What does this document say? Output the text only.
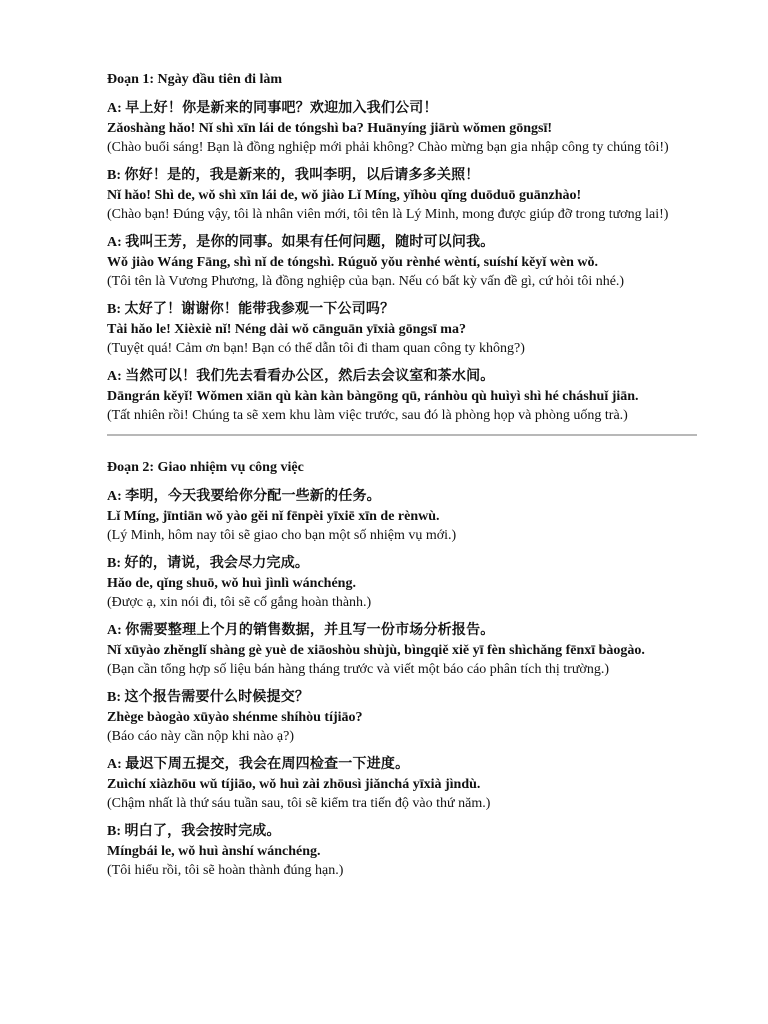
Đoạn 1: Ngày đầu tiên đi làm
A: 早上好！你是新来的同事吧？欢迎加入我们公司！
Zǎoshàng hǎo! Nǐ shì xīn lái de tóngshì ba? Huānyíng jiārù wǒmen gōngsī!
(Chào buổi sáng! Bạn là đồng nghiệp mới phải không? Chào mừng bạn gia nhập công ty chúng tôi!)
B: 你好！是的，我是新来的，我叫李明，以后请多多关照！
Nǐ hǎo! Shì de, wǒ shì xīn lái de, wǒ jiào Lǐ Míng, yǐhòu qǐng duōduō guānzhào!
(Chào bạn! Đúng vậy, tôi là nhân viên mới, tôi tên là Lý Minh, mong được giúp đỡ trong tương lai!)
A: 我叫王芳，是你的同事。如果有任何问题，随时可以问我。
Wǒ jiào Wáng Fāng, shì nǐ de tóngshì. Rúguǒ yǒu rènhé wèntí, suíshí kěyǐ wèn wǒ.
(Tôi tên là Vương Phương, là đồng nghiệp của bạn. Nếu có bất kỳ vấn đề gì, cứ hỏi tôi nhé.)
B: 太好了！谢谢你！能带我参观一下公司吗？
Tài hǎo le! Xièxiè nǐ! Néng dài wǒ cānguān yīxià gōngsī ma?
(Tuyệt quá! Cảm ơn bạn! Bạn có thể dẫn tôi đi tham quan công ty không?)
A: 当然可以！我们先去看看办公区，然后去会议室和茶水间。
Dāngrán kěyǐ! Wǒmen xiān qù kàn kàn bàngōng qū, ránhòu qù huìyì shì hé cháshuǐ jiān.
(Tất nhiên rồi! Chúng ta sẽ xem khu làm việc trước, sau đó là phòng họp và phòng uống trà.)
Đoạn 2: Giao nhiệm vụ công việc
A: 李明，今天我要给你分配一些新的任务。
Lǐ Míng, jīntiān wǒ yào gěi nǐ fēnpèi yīxiē xīn de rènwù.
(Lý Minh, hôm nay tôi sẽ giao cho bạn một số nhiệm vụ mới.)
B: 好的，请说，我会尽力完成。
Hǎo de, qǐng shuō, wǒ huì jìnlì wánchéng.
(Được ạ, xin nói đi, tôi sẽ cố gắng hoàn thành.)
A: 你需要整理上个月的销售数据，并且写一份市场分析报告。
Nǐ xūyào zhěnglǐ shàng gè yuè de xiāoshòu shùjù, bìngqiě xiě yī fèn shìchǎng fēnxī bàogào.
(Bạn cần tổng hợp số liệu bán hàng tháng trước và viết một báo cáo phân tích thị trường.)
B: 这个报告需要什么时候提交？
Zhège bàogào xūyào shénme shíhòu tíjiāo?
(Báo cáo này cần nộp khi nào ạ?)
A: 最迟下周五提交，我会在周四检查一下进度。
Zuìchí xiàzhōu wǔ tíjiāo, wǒ huì zài zhōusì jiǎnchá yīxià jìndù.
(Chậm nhất là thứ sáu tuần sau, tôi sẽ kiểm tra tiến độ vào thứ năm.)
B: 明白了，我会按时完成。
Míngbái le, wǒ huì ànshí wánchéng.
(Tôi hiểu rồi, tôi sẽ hoàn thành đúng hạn.)
